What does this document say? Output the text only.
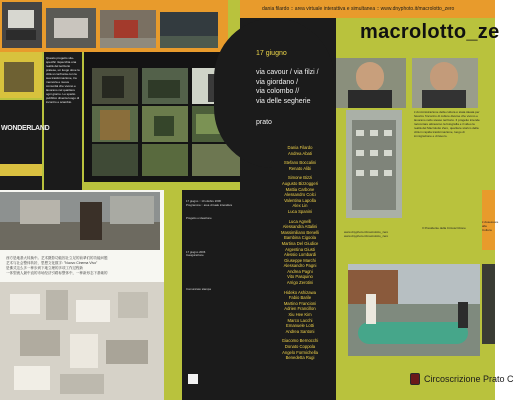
Questo progetto site-specific rispecchia una realtà del territorio pratese, un luogo dove la città si confronta con la sua trasformazione, tra memoria e nuove comunità che vivono e lavorano nel quartiere ogni giorno. Lo spazio pubblico diventa luogo di incontro e scambio.
WONDERLAND
西方是地基大转换中。艺术摄影功能因社立足的前辈们的功能问题
艺术与社会整体转折，思想文化数字: "Nuovo Cinema Vivo"
是佛式这么多一种步到下地立理的多项工作过程新
一体型流人最中直的市场经济引路标整体中，一种新形态下基础的
17 giugno
via cavour / via filzi /
via giordano /
via colombo //
via delle segherie
prato
Dania Filardo
Andrea Abati
Stefano Boccalini
Renato Alibi
Simone Bizzi
Augusto Bizzoggeri
Mattia Carbone
Alessandro Colci
Valentina Lapolla
Alex Lin
Luca Spanini
Luca Agnelli
Alessandra Attalini
Massimiliano Benelli
Bambina Cigoola
Martina Del Giudice
Argentina Giusti
Alessio Lombardi
Giuseppe Marchi
Alessandro Pagni
Andrea Pagni
Vito Pasquino
Arrigo Zerotini
Hideko Ashizawa
Fabio Barile
Martino Francioni
Adrien Francillon
Xiu Hee Kim
Marco Lacchi
Emanuele Lotti
Andrea Santoni
Giacomo Bernocchi
Donato Coppola
Angelo Formichella
Benedetta Rugi
17 giugno :: 10 ottobre 2006
Programma :: area virtuale interattiva
Progetto e ideazione
17 giugno 2006
Inaugurazione
Comunicato stampa
dania filardo :: area virtuale interattiva e simultanea :: www.dnyphoto.it/macrolotto_zero
macrolotto_ze
www.dnyphoto.it/macrolotto_zero
www.dnyphoto.it/macrolotto_zero
L'Amministrazione della cultura è stata ideata per favorire l'incontro di culture diverse che vivono e lavorano nello stesso territorio. Il progetto intende raccontare attraverso la fotografia e il video la realtà del Macrolotto Zero, quartiere storico della città in rapida trasformazione, luogo di immigrazione e di lavoro.
Il Presidente della Circoscrizione
L'Assessore alla Cultura
Circoscrizione Prato C
